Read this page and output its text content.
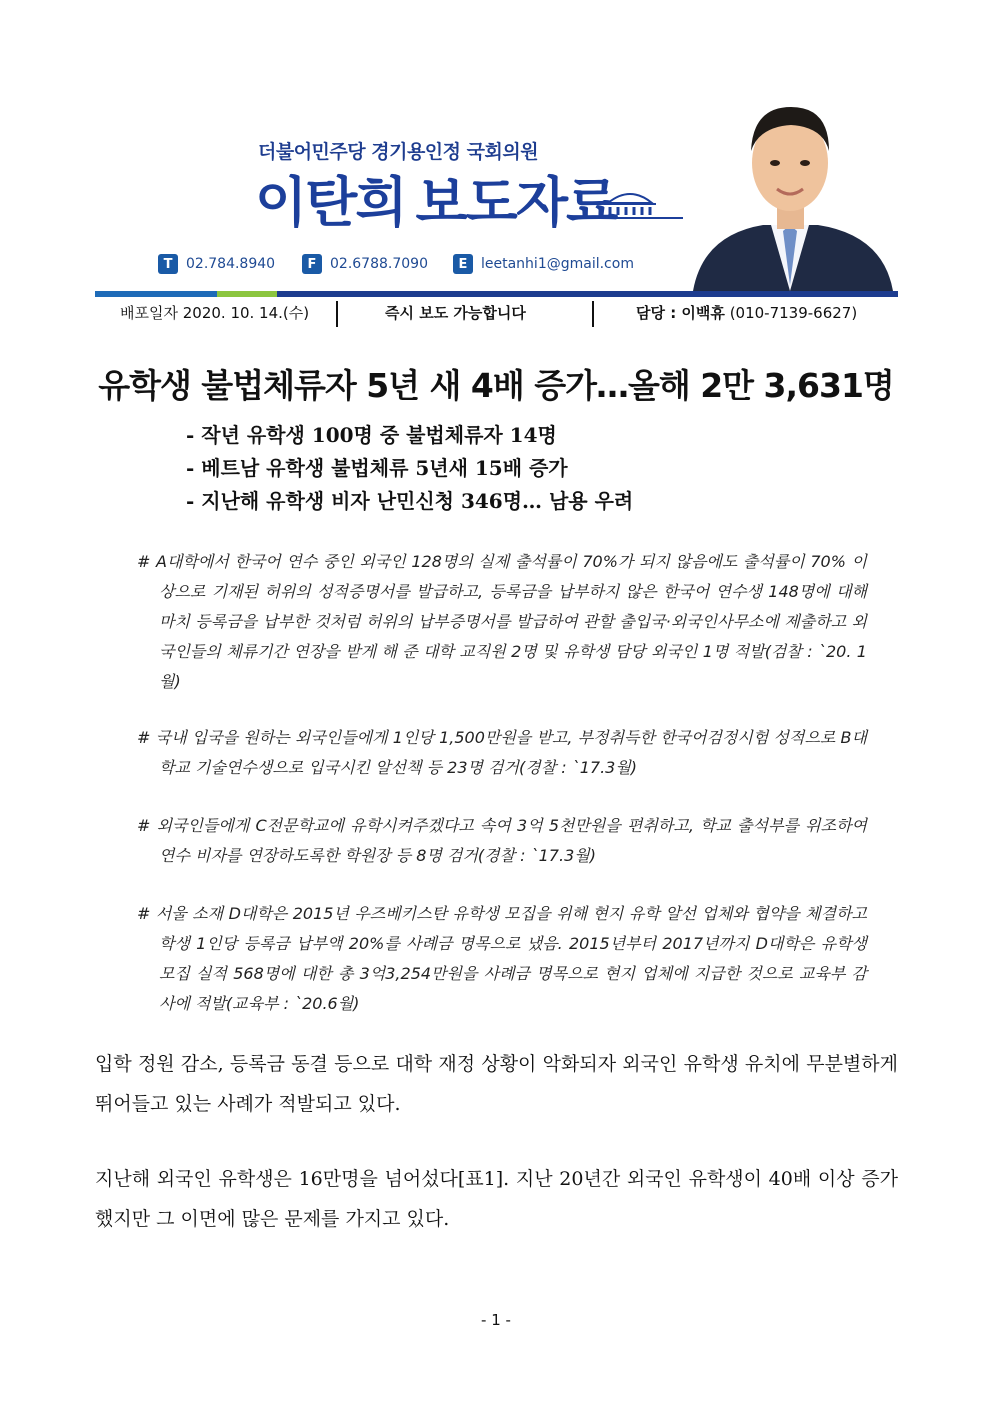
더불어민주당 경기용인정 국회의원
이탄희 보도자료
T 02.784.8940	F 02.6788.7090	E leetanhi1@gmail.com
배포일자 2020. 10. 14.(수)	즉시 보도 가능합니다	담당 : 이백휴 (010-7139-6627)
유학생 불법체류자 5년 새 4배 증가…올해 2만 3,631명
- 작년 유학생 100명 중 불법체류자 14명
- 베트남 유학생 불법체류 5년새 15배 증가
- 지난해 유학생 비자 난민신청 346명… 남용 우려
# A대학에서 한국어 연수 중인 외국인 128명의 실제 출석률이 70%가 되지 않음에도 출석률이 70% 이상으로 기재된 허위의 성적증명서를 발급하고, 등록금을 납부하지 않은 한국어 연수생 148명에 대해 마치 등록금을 납부한 것처럼 허위의 납부증명서를 발급하여 관할 출입국·외국인사무소에 제출하고 외국인들의 체류기간 연장을 받게 해 준 대학 교직원 2명 및 유학생 담당 외국인 1명 적발(검찰 : `20. 1월)
# 국내 입국을 원하는 외국인들에게 1인당 1,500만원을 받고, 부정취득한 한국어검정시험 성적으로 B대학교 기술연수생으로 입국시킨 알선책 등 23명 검거(경찰 : `17.3월)
# 외국인들에게 C전문학교에 유학시켜주겠다고 속여 3억 5천만원을 편취하고, 학교 출석부를 위조하여 연수 비자를 연장하도록한 학원장 등 8명 검거(경찰 : `17.3월)
# 서울 소재 D대학은 2015년 우즈베키스탄 유학생 모집을 위해 현지 유학 알선 업체와 협약을 체결하고 학생 1인당 등록금 납부액 20%를 사례금 명목으로 냈음. 2015년부터 2017년까지 D대학은 유학생 모집 실적 568명에 대한 총 3억3,254만원을 사례금 명목으로 현지 업체에 지급한 것으로 교육부 감사에 적발(교육부 : `20.6월)
입학 정원 감소, 등록금 동결 등으로 대학 재정 상황이 악화되자 외국인 유학생 유치에 무분별하게 뛰어들고 있는 사례가 적발되고 있다.
지난해 외국인 유학생은 16만명을 넘어섰다[표1]. 지난 20년간 외국인 유학생이 40배 이상 증가했지만 그 이면에 많은 문제를 가지고 있다.
- 1 -
